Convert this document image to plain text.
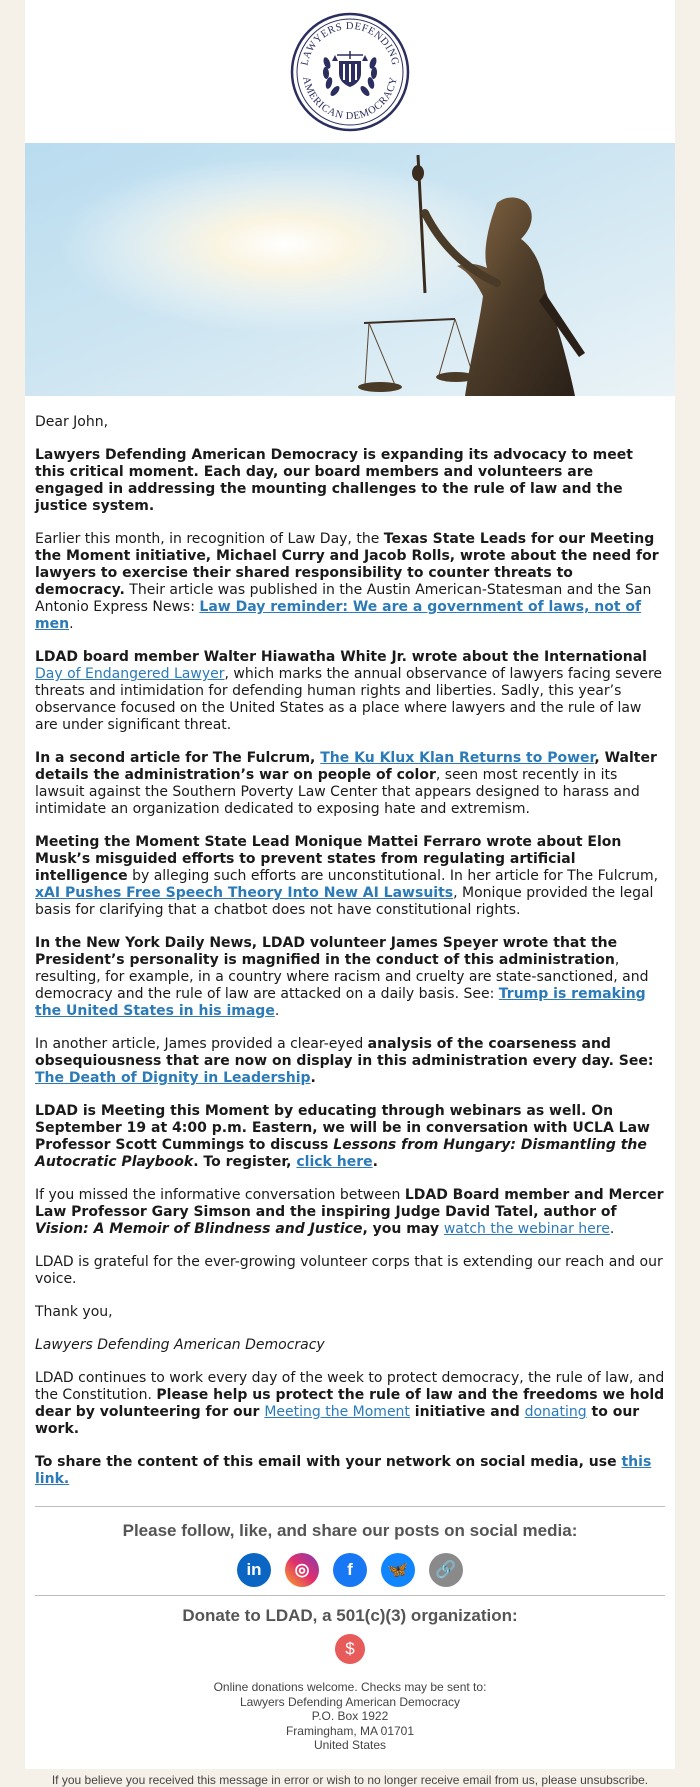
LAWYERS DEFENDING
AMERICAN DEMOCRACY

Dear John,

Lawyers Defending American Democracy is expanding its advocacy to meet this critical moment. Each day, our board members and volunteers are engaged in addressing the mounting challenges to the rule of law and the justice system.

Earlier this month, in recognition of Law Day, the Texas State Leads for our Meeting the Moment initiative, Michael Curry and Jacob Rolls, wrote about the need for lawyers to exercise their shared responsibility to counter threats to democracy. Their article was published in the Austin American-Statesman and the San Antonio Express News: Law Day reminder: We are a government of laws, not of men.

LDAD board member Walter Hiawatha White Jr. wrote about the International Day of Endangered Lawyer, which marks the annual observance of lawyers facing severe threats and intimidation for defending human rights and liberties. Sadly, this year’s observance focused on the United States as a place where lawyers and the rule of law are under significant threat.

In a second article for The Fulcrum, The Ku Klux Klan Returns to Power, Walter details the administration’s war on people of color, seen most recently in its lawsuit against the Southern Poverty Law Center that appears designed to harass and intimidate an organization dedicated to exposing hate and extremism.

Meeting the Moment State Lead Monique Mattei Ferraro wrote about Elon Musk’s misguided efforts to prevent states from regulating artificial intelligence by alleging such efforts are unconstitutional. In her article for The Fulcrum, xAI Pushes Free Speech Theory Into New AI Lawsuits, Monique provided the legal basis for clarifying that a chatbot does not have constitutional rights.

In the New York Daily News, LDAD volunteer James Speyer wrote that the President’s personality is magnified in the conduct of this administration, resulting, for example, in a country where racism and cruelty are state-sanctioned, and democracy and the rule of law are attacked on a daily basis. See: Trump is remaking the United States in his image.

In another article, James provided a clear-eyed analysis of the coarseness and obsequiousness that are now on display in this administration every day. See: The Death of Dignity in Leadership.

LDAD is Meeting this Moment by educating through webinars as well. On September 19 at 4:00 p.m. Eastern, we will be in conversation with UCLA Law Professor Scott Cummings to discuss Lessons from Hungary: Dismantling the Autocratic Playbook. To register, click here.

If you missed the informative conversation between LDAD Board member and Mercer Law Professor Gary Simson and the inspiring Judge David Tatel, author of Vision: A Memoir of Blindness and Justice, you may watch the webinar here.

LDAD is grateful for the ever-growing volunteer corps that is extending our reach and our voice.

Thank you,

Lawyers Defending American Democracy

LDAD continues to work every day of the week to protect democracy, the rule of law, and the Constitution. Please help us protect the rule of law and the freedoms we hold dear by volunteering for our Meeting the Moment initiative and donating to our work.

To share the content of this email with your network on social media, use this link.

Please follow, like, and share our posts on social media:
in	◎	f	🦋	🔗
Donate to LDAD, a 501(c)(3) organization:
$
Online donations welcome. Checks may be sent to:
Lawyers Defending American Democracy
P.O. Box 1922
Framingham, MA 01701
United States
If you believe you received this message in error or wish to no longer receive email from us, please unsubscribe.
